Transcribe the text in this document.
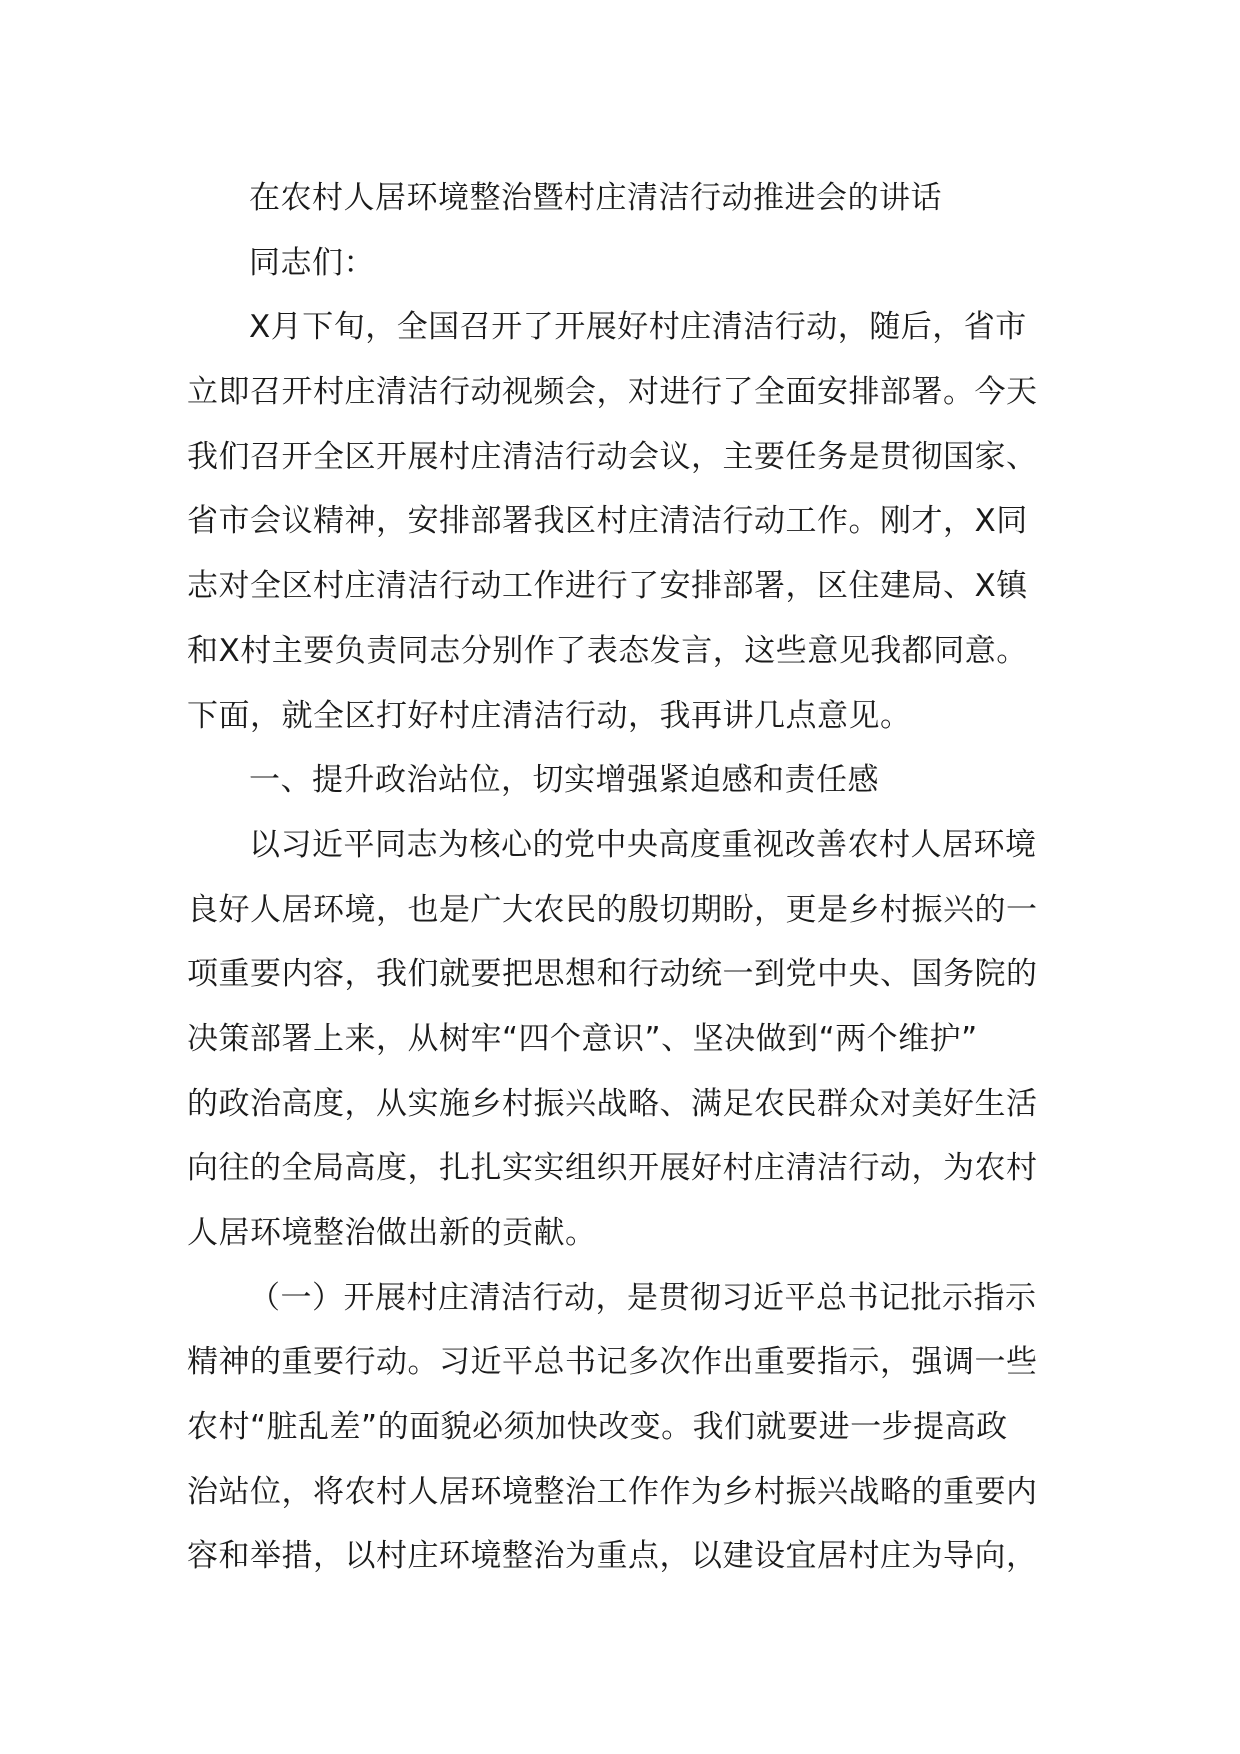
在农村人居环境整治暨村庄清洁行动推进会的讲话
同志们：
X月下旬，全国召开了开展好村庄清洁行动，随后，省市
立即召开村庄清洁行动视频会，对进行了全面安排部署。今天
我们召开全区开展村庄清洁行动会议，主要任务是贯彻国家、
省市会议精神，安排部署我区村庄清洁行动工作。刚才，X同
志对全区村庄清洁行动工作进行了安排部署，区住建局、X镇
和X村主要负责同志分别作了表态发言，这些意见我都同意。
下面，就全区打好村庄清洁行动，我再讲几点意见。
一、提升政治站位，切实增强紧迫感和责任感
以习近平同志为核心的党中央高度重视改善农村人居环境
良好人居环境，也是广大农民的殷切期盼，更是乡村振兴的一
项重要内容，我们就要把思想和行动统一到党中央、国务院的
决策部署上来，从树牢“四个意识”、坚决做到“两个维护”
的政治高度，从实施乡村振兴战略、满足农民群众对美好生活
向往的全局高度，扎扎实实组织开展好村庄清洁行动，为农村
人居环境整治做出新的贡献。
（一）开展村庄清洁行动，是贯彻习近平总书记批示指示
精神的重要行动。习近平总书记多次作出重要指示，强调一些
农村“脏乱差”的面貌必须加快改变。我们就要进一步提高政
治站位，将农村人居环境整治工作作为乡村振兴战略的重要内
容和举措，以村庄环境整治为重点，以建设宜居村庄为导向，
